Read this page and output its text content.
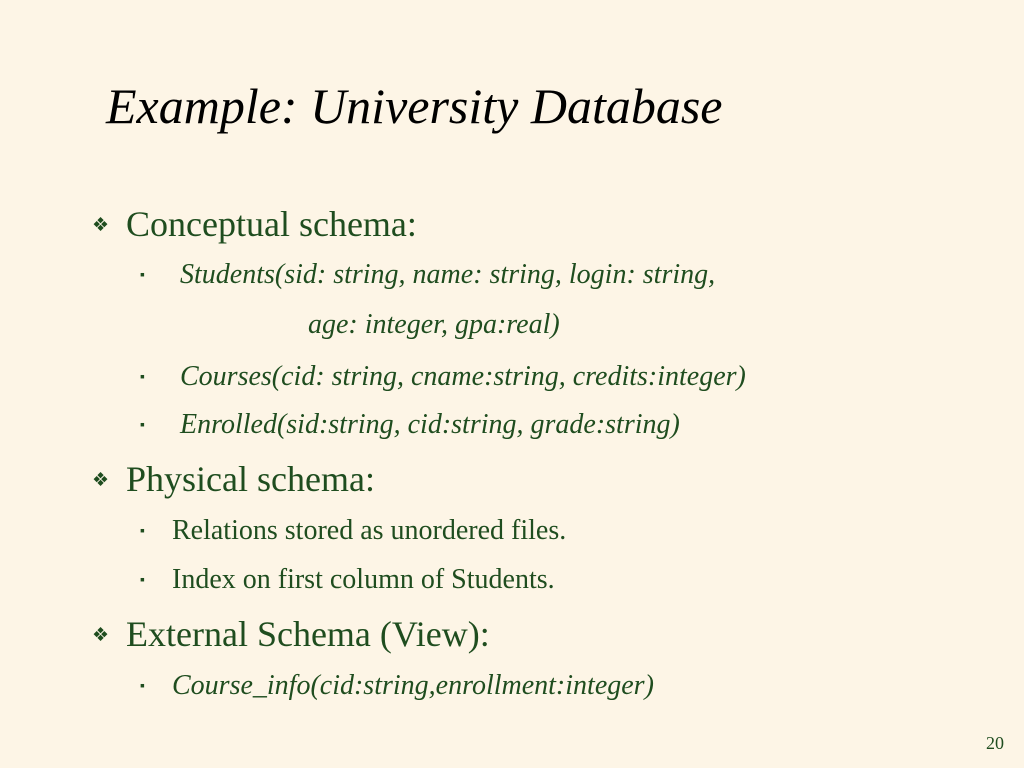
Example: University Database
❖ Conceptual schema:
▪ Students(sid: string, name: string, login: string,
age: integer, gpa:real)
▪ Courses(cid: string, cname:string, credits:integer)
▪ Enrolled(sid:string, cid:string, grade:string)
❖ Physical schema:
▪ Relations stored as unordered files.
▪ Index on first column of Students.
❖ External Schema (View):
▪ Course_info(cid:string,enrollment:integer)
20
